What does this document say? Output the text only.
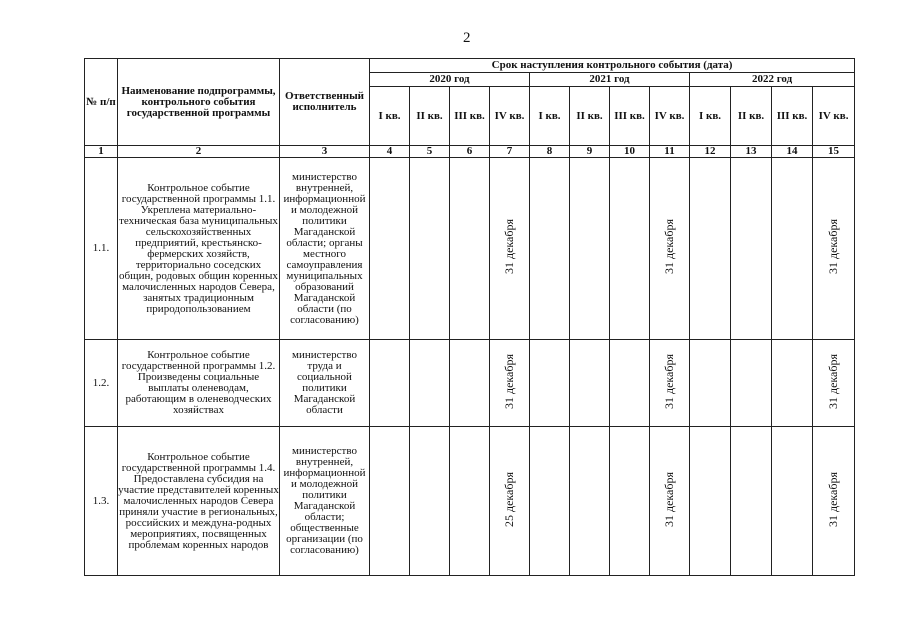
2
№ п/п	Наименование подпрограммы, контрольного события государственной программы	Ответственный исполнитель	Срок наступления контрольного события (дата)											
			2020 год				2021 год				2022 год			
			I кв.	II кв.	III кв.	IV кв.	I кв.	II кв.	III кв.	IV кв.	I кв.	II кв.	III кв.	IV кв.
1	2	3	4	5	6	7	8	9	10	11	12	13	14	15
1.1.	Контрольное событие государственной программы 1.1. Укреплена материально-техническая база муниципальных сельскохозяйственных предприятий, крестьянско-фермерских хозяйств, территориально соседских общин, родовых общин коренных малочисленных народов Севера, занятых традиционным природопользованием	министерство внутренней, информационной и молодежной политики Магаданской области; органы местного самоуправления муниципальных образований Магаданской области (по согласованию)				31 декабря				31 декабря				31 декабря
1.2.	Контрольное событие государственной программы 1.2. Произведены социальные выплаты оленеводам, работающим в оленеводческих хозяйствах	министерство труда и социальной политики Магаданской области				31 декабря				31 декабря				31 декабря
1.3.	Контрольное событие государственной программы 1.4. Предоставлена субсидия на участие представителей коренных малочисленных народов Севера приняли участие в региональных, российских и междуна-родных мероприятиях, посвященных проблемам коренных народов	министерство внутренней, информационной и молодежной политики Магаданской области; общественные организации (по согласованию)				25 декабря				31 декабря				31 декабря
